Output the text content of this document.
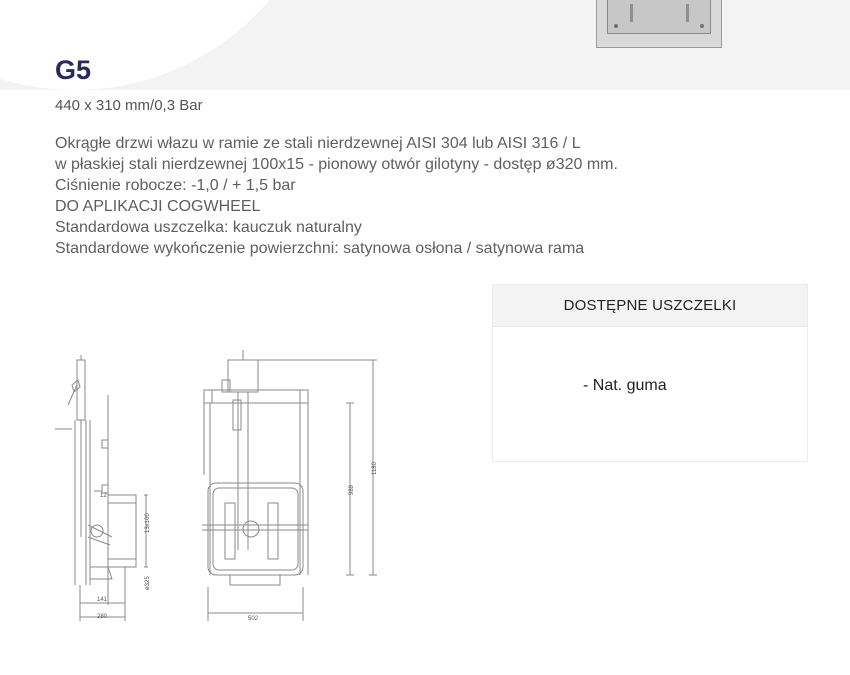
G5
440 x 310 mm/0,3 Bar
Okrągłe drzwi włazu w ramie ze stali nierdzewnej AISI 304 lub AISI 316 / L
w płaskiej stali nierdzewnej 100x15 - pionowy otwór gilotyny - dostęp ø320 mm.
Ciśnienie robocze: -1,0 / + 1,5 bar
DO APLIKACJI COGWHEEL
Standardowa uszczelka: kauczuk naturalny
Standardowe wykończenie powierzchni: satynowa osłona / satynowa rama
DOSTĘPNE USZCZELKI
- Nat. guma
13x100
ø325
12
141
280
989
1180
502
